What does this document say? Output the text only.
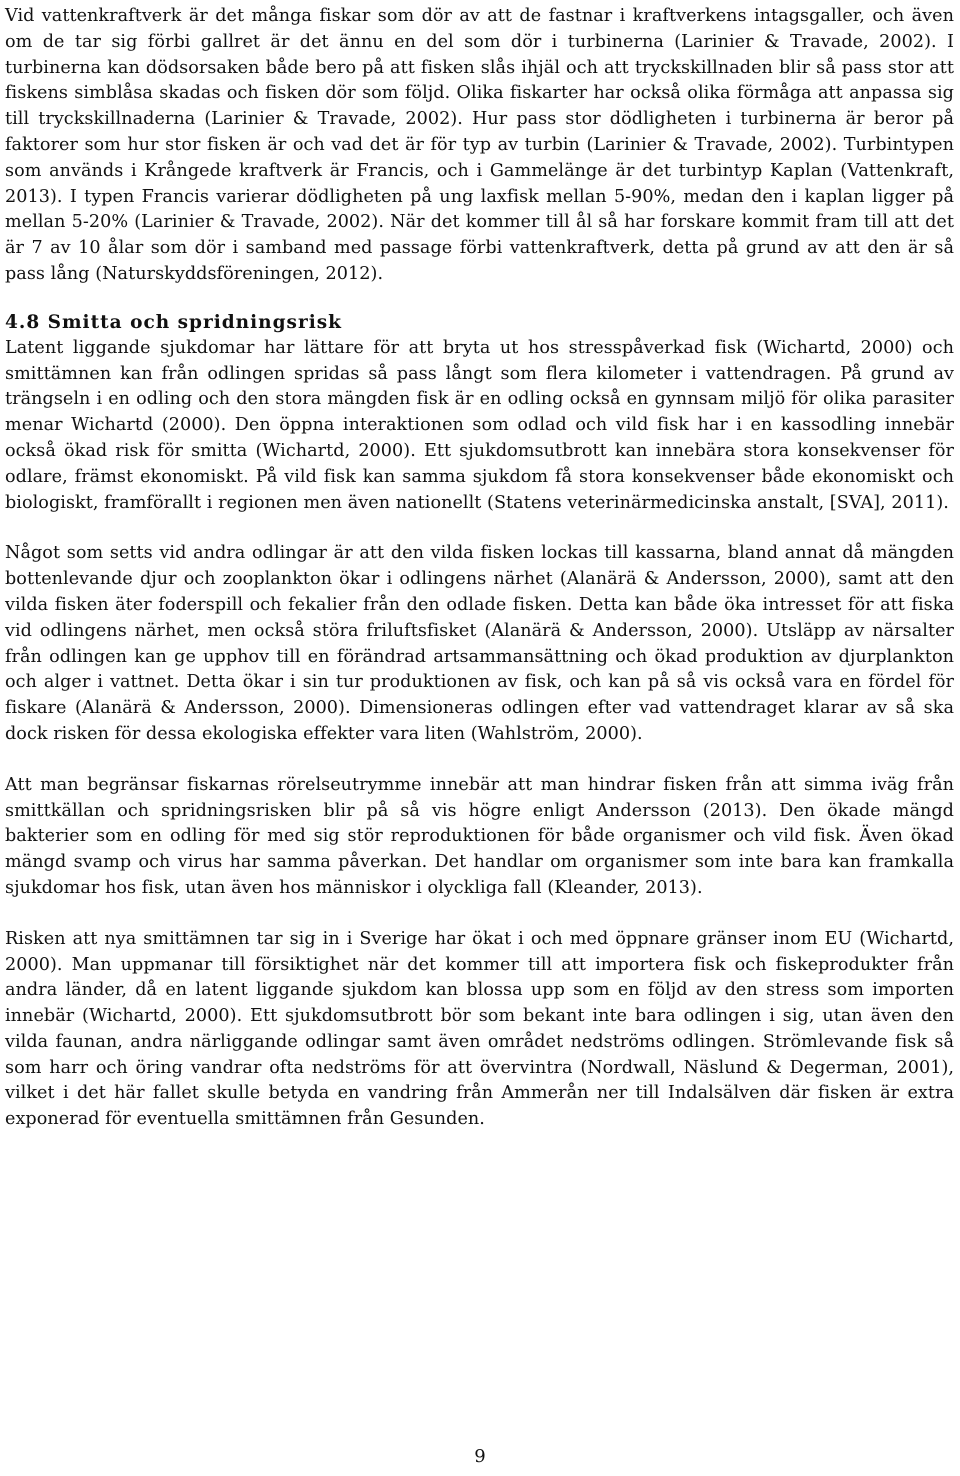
Vid vattenkraftverk är det många fiskar som dör av att de fastnar i kraftverkens intagsgaller, och även om de tar sig förbi gallret är det ännu en del som dör i turbinerna (Larinier & Travade, 2002). I turbinerna kan dödsorsaken både bero på att fisken slås ihjäl och att tryckskillnaden blir så pass stor att fiskens simblåsa skadas och fisken dör som följd. Olika fiskarter har också olika förmåga att anpassa sig till tryckskillnaderna (Larinier & Travade, 2002). Hur pass stor dödligheten i turbinerna är beror på faktorer som hur stor fisken är och vad det är för typ av turbin (Larinier & Travade, 2002). Turbintypen som används i Krångede kraftverk är Francis, och i Gammelänge är det turbintyp Kaplan (Vattenkraft, 2013). I typen Francis varierar dödligheten på ung laxfisk mellan 5-90%, medan den i kaplan ligger på mellan 5-20% (Larinier & Travade, 2002). När det kommer till ål så har forskare kommit fram till att det är 7 av 10 ålar som dör i samband med passage förbi vattenkraftverk, detta på grund av att den är så pass lång (Naturskyddsföreningen, 2012).

4.8 Smitta och spridningsrisk

Latent liggande sjukdomar har lättare för att bryta ut hos stresspåverkad fisk (Wichartd, 2000) och smittämnen kan från odlingen spridas så pass långt som flera kilometer i vattendragen. På grund av trängseln i en odling och den stora mängden fisk är en odling också en gynnsam miljö för olika parasiter menar Wichartd (2000). Den öppna interaktionen som odlad och vild fisk har i en kassodling innebär också ökad risk för smitta (Wichartd, 2000). Ett sjukdomsutbrott kan innebära stora konsekvenser för odlare, främst ekonomiskt. På vild fisk kan samma sjukdom få stora konsekvenser både ekonomiskt och biologiskt, framförallt i regionen men även nationellt (Statens veterinärmedicinska anstalt, [SVA], 2011).

Något som setts vid andra odlingar är att den vilda fisken lockas till kassarna, bland annat då mängden bottenlevande djur och zooplankton ökar i odlingens närhet (Alanärä & Andersson, 2000), samt att den vilda fisken äter foderspill och fekalier från den odlade fisken. Detta kan både öka intresset för att fiska vid odlingens närhet, men också störa friluftsfisket (Alanärä & Andersson, 2000). Utsläpp av närsalter från odlingen kan ge upphov till en förändrad artsammansättning och ökad produktion av djurplankton och alger i vattnet. Detta ökar i sin tur produktionen av fisk, och kan på så vis också vara en fördel för fiskare (Alanärä & Andersson, 2000). Dimensioneras odlingen efter vad vattendraget klarar av så ska dock risken för dessa ekologiska effekter vara liten (Wahlström, 2000).

Att man begränsar fiskarnas rörelseutrymme innebär att man hindrar fisken från att simma iväg från smittkällan och spridningsrisken blir på så vis högre enligt Andersson (2013). Den ökade mängd bakterier som en odling för med sig stör reproduktionen för både organismer och vild fisk. Även ökad mängd svamp och virus har samma påverkan. Det handlar om organismer som inte bara kan framkalla sjukdomar hos fisk, utan även hos människor i olyckliga fall (Kleander, 2013).

Risken att nya smittämnen tar sig in i Sverige har ökat i och med öppnare gränser inom EU (Wichartd, 2000). Man uppmanar till försiktighet när det kommer till att importera fisk och fiskeprodukter från andra länder, då en latent liggande sjukdom kan blossa upp som en följd av den stress som importen innebär (Wichartd, 2000). Ett sjukdomsutbrott bör som bekant inte bara odlingen i sig, utan även den vilda faunan, andra närliggande odlingar samt även området nedströms odlingen. Strömlevande fisk så som harr och öring vandrar ofta nedströms för att övervintra (Nordwall, Näslund & Degerman, 2001), vilket i det här fallet skulle betyda en vandring från Ammerån ner till Indalsälven där fisken är extra exponerad för eventuella smittämnen från Gesunden.

9
